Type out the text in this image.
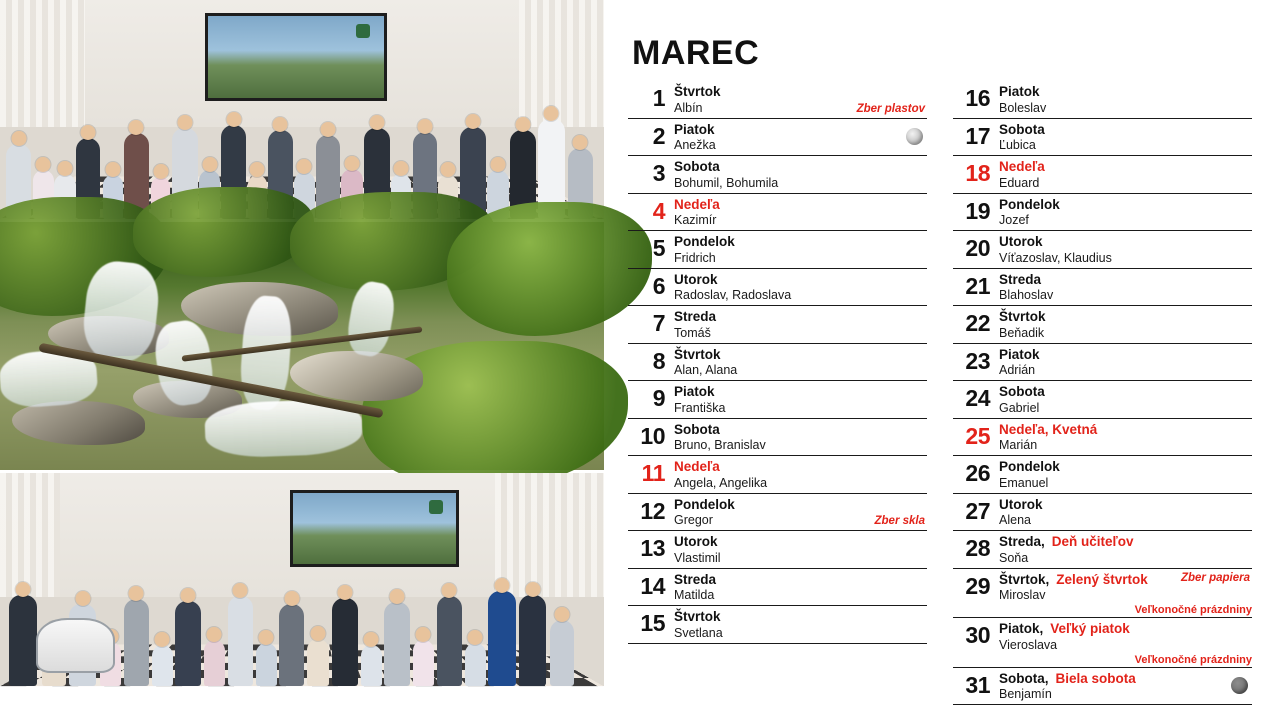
MAREC
1 Štvrtok
Albín	Zber plastov
2 Piatok
Anežka
3 Sobota
Bohumil, Bohumila
4 Nedeľa
Kazimír
5 Pondelok
Fridrich
6 Utorok
Radoslav, Radoslava
7 Streda
Tomáš
8 Štvrtok
Alan, Alana
9 Piatok
Františka
10 Sobota
Bruno, Branislav
11 Nedeľa
Angela, Angelika
12 Pondelok
Gregor	Zber skla
13 Utorok
Vlastimil
14 Streda
Matilda
15 Štvrtok
Svetlana
16 Piatok
Boleslav
17 Sobota
Ľubica
18 Nedeľa
Eduard
19 Pondelok
Jozef
20 Utorok
Víťazoslav, Klaudius
21 Streda
Blahoslav
22 Štvrtok
Beňadik
23 Piatok
Adrián
24 Sobota
Gabriel
25 Nedeľa, Kvetná
Marián
26 Pondelok
Emanuel
27 Utorok
Alena
28 Streda, Deň učiteľov
Soňa
29 Štvrtok, Zelený štvrtok
Miroslav
Veľkonočné prázdniny
Zber papiera
30 Piatok, Veľký piatok
Vieroslava
Veľkonočné prázdniny
31 Sobota, Biela sobota
Benjamín
